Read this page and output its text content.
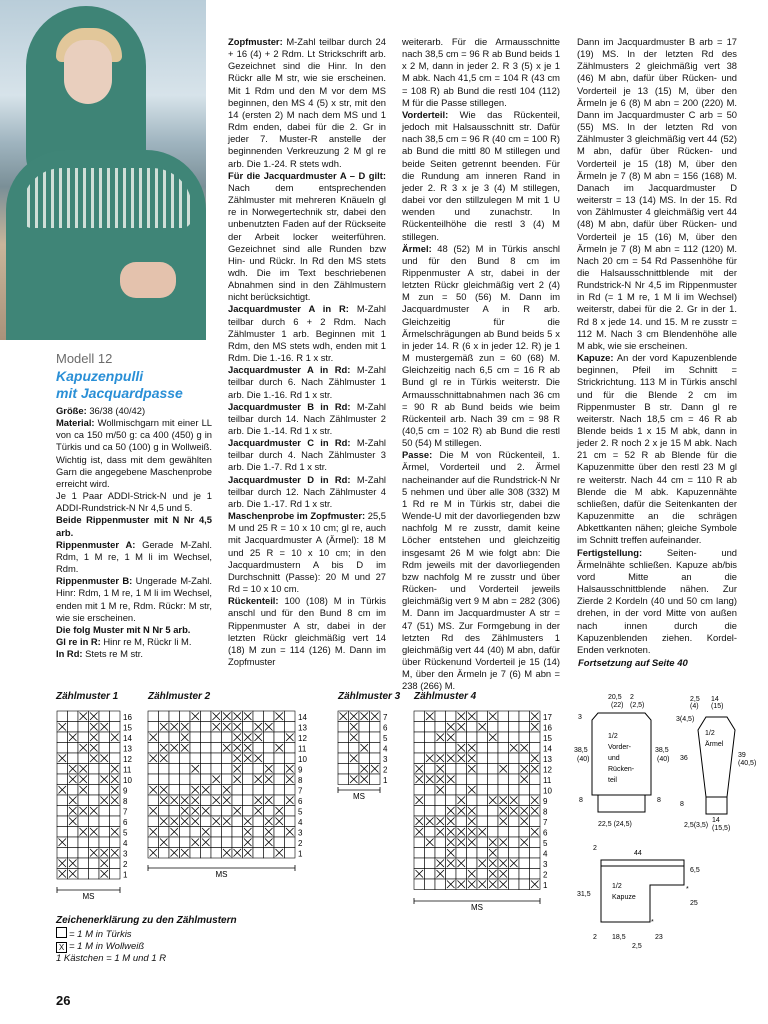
Modell 12
Kapuzenpulli
mit Jacquardpasse

Größe: 36/38 (40/42)

Material: Wollmischgarn mit einer LL von ca 150 m/50 g: ca 400 (450) g in Türkis und ca 50 (100) g in Wollweiß. Wichtig ist, dass mit dem gewählten Garn die angegebene Maschenprobe erreicht wird.

Je 1 Paar ADDI-Strick-N und je 1 ADDI-Rundstrick-N Nr 4,5 und 5.

Beide Rippenmuster mit N Nr 4,5 arb.

Rippenmuster A: Gerade M-Zahl. Rdm, 1 M re, 1 M li im Wechsel, Rdm.

Rippenmuster B: Ungerade M-Zahl. Hinr: Rdm, 1 M re, 1 M li im Wechsel, enden mit 1 M re, Rdm. Rückr: M str, wie sie erscheinen.

Die folg Muster mit N Nr 5 arb.

Gl re in R: Hinr re M, Rückr li M.

In Rd: Stets re M str.

Zopfmuster: M-Zahl teilbar durch 24 + 16 (4) + 2 Rdm. Lt Strickschrift arb. Gezeichnet sind die Hinr. In den Rückr alle M str, wie sie erscheinen. Mit 1 Rdm und den M vor dem MS beginnen, den MS 4 (5) x str, mit den 14 (ersten 2) M nach dem MS und 1 Rdm enden, dabei für die 2. Gr in jeder 7. Muster-R anstelle der beginnenden Verkreuzung 2 M gl re arb. Die 1.-24. R stets wdh.

Für die Jacquardmuster A – D gilt: Nach dem entsprechenden Zählmuster mit mehreren Knäueln gl re in Norwegertechnik str, dabei den unbenutzten Faden auf der Rückseite der Arbeit locker weiterführen. Gezeichnet sind alle Runden bzw Hin- und Rückr. In Rd den MS stets wdh. Die im Text beschriebenen Abnahmen sind in den Zählmustern nicht berücksichtigt.

Jacquardmuster A in R: M-Zahl teilbar durch 6 + 2 Rdm. Nach Zählmuster 1 arb. Beginnen mit 1 Rdm, den MS stets wdh, enden mit 1 Rdm. Die 1.-16. R 1 x str.

Jacquardmuster A in Rd: M-Zahl teilbar durch 6. Nach Zählmuster 1 arb. Die 1.-16. Rd 1 x str.

Jacquardmuster B in Rd: M-Zahl teilbar durch 14. Nach Zählmuster 2 arb. Die 1.-14. Rd 1 x str.

Jacquardmuster C in Rd: M-Zahl teilbar durch 4. Nach Zählmuster 3 arb. Die 1.-7. Rd 1 x str.

Jacquardmuster D in Rd: M-Zahl teilbar durch 12. Nach Zählmuster 4 arb. Die 1.-17. Rd 1 x str.

Maschenprobe im Zopfmuster: 25,5 M und 25 R = 10 x 10 cm; gl re, auch mit Jacquardmuster A (Ärmel): 18 M und 25 R = 10 x 10 cm; in den Jacquardmustern A bis D im Durchschnitt (Passe): 20 M und 27 Rd = 10 x 10 cm.

Rückenteil: 100 (108) M in Türkis anschl und für den Bund 8 cm im Rippenmuster A str, dabei in der letzten Rückr gleichmäßig vert 14 (18) M zun = 114 (126) M. Dann im Zopfmuster

weiterarb. Für die Armausschnitte nach 38,5 cm = 96 R ab Bund beids 1 x 2 M, dann in jeder 2. R 3 (5) x je 1 M abk. Nach 41,5 cm = 104 R (43 cm = 108 R) ab Bund die restl 104 (112) M für die Passe stillegen.

Vorderteil: Wie das Rückenteil, jedoch mit Halsausschnitt str. Dafür nach 38,5 cm = 96 R (40 cm = 100 R) ab Bund die mittl 80 M stillegen und beide Seiten getrennt beenden. Für die Rundung am inneren Rand in jeder 2. R 3 x je 3 (4) M stillegen, dabei vor den stillzulegen M mit 1 U wenden und zunachstr. In Rückenteilhöhe die restl 3 (4) M stillegen.

Ärmel: 48 (52) M in Türkis anschl und für den Bund 8 cm im Rippenmuster A str, dabei in der letzten Rückr gleichmäßig vert 2 (4) M zun = 50 (56) M. Dann im Jacquardmuster A in R arb. Gleichzeitig für die Ärmelschrägungen ab Bund beids 5 x in jeder 14. R (6 x in jeder 12. R) je 1 M mustergemäß zun = 60 (68) M. Gleichzeitig nach 6,5 cm = 16 R ab Bund gl re in Türkis weiterstr. Die Armausschnittabnahmen nach 36 cm = 90 R ab Bund beids wie beim Rückenteil arb. Nach 39 cm = 98 R (40,5 cm = 102 R) ab Bund die restl 50 (54) M stillegen.

Passe: Die M von Rückenteil, 1. Ärmel, Vorderteil und 2. Ärmel nacheinander auf die Rundstrick-N Nr 5 nehmen und über alle 308 (332) M 1 Rd re M in Türkis str, dabei die Wende-U mit der davorliegenden bzw nachfolg M re zusstr, damit keine Löcher entstehen und gleichzeitig insgesamt 26 M wie folgt abn: Die Rdm jeweils mit der davorliegenden bzw nachfolg M re zusstr und über Rücken- und Vorderteil jeweils gleichmäßig vert 9 M abn = 282 (306) M. Dann im Jacquardmuster A str = 47 (51) MS. Zur Formgebung in der letzten Rd des Zählmusters 1 gleichmäßig vert 44 (40) M abn, dafür über Rückenund Vorderteil je 15 (14) M, über den Ärmeln je 7 (6) M abn = 238 (266) M.

Dann im Jacquardmuster B arb = 17 (19) MS. In der letzten Rd des Zählmusters 2 gleichmäßig vert 38 (46) M abn, dafür über Rücken- und Vorderteil je 13 (15) M, über den Ärmeln je 6 (8) M abn = 200 (220) M. Dann im Jacquardmuster C arb = 50 (55) MS. In der letzten Rd von Zählmuster 3 gleichmäßig vert 44 (52) M abn, dafür über Rücken- und Vorderteil je 15 (18) M, über den Ärmeln je 7 (8) M abn = 156 (168) M. Danach im Jacquardmuster D weiterstr = 13 (14) MS. In der 15. Rd von Zählmuster 4 gleichmäßig vert 44 (48) M abn, dafür über Rücken- und Vorderteil je 15 (16) M, über den Ärmeln je 7 (8) M abn = 112 (120) M. Nach 20 cm = 54 Rd Passenhöhe für die Halsausschnittblende mit der Rundstrick-N Nr 4,5 im Rippenmuster in Rd (= 1 M re, 1 M li im Wechsel) weiterstr, dabei für die 2. Gr in der 1. Rd 8 x jede 14. und 15. M re zusstr = 112 M. Nach 3 cm Blendenhöhe alle M abk, wie sie erscheinen.

Kapuze: An der vord Kapuzenblende beginnen, Pfeil im Schnitt = Strickrichtung. 113 M in Türkis anschl und für die Blende 2 cm im Rippenmuster B str. Dann gl re weiterstr. Nach 18,5 cm = 46 R ab Blende beids 1 x 15 M abk, dann in jeder 2. R noch 2 x je 15 M abk. Nach 21 cm = 52 R ab Blende für die Kapuzenmitte über den restl 23 M gl re weiterstr. Nach 44 cm = 110 R ab Blende die M abk. Kapuzennähte schließen, dafür die Seitenkanten der Kapuzenmitte an die schrägen Abkettkanten nähen; gleiche Symbole im Schnitt treffen aufeinander.

Fertigstellung: Seiten- und Ärmelnähte schließen. Kapuze ab/bis vord Mitte an die Halsausschnittblende nähen. Zur Zierde 2 Kordeln (40 und 50 cm lang) drehen, in der vord Mitte von außen nach innen durch die Kapuzenblenden ziehen. Kordel-Enden verknoten.

Fortsetzung auf Seite 40
Zählmuster 1	Zählmuster 2	Zählmuster 3 Zählmuster 4
16
15
14
13
12
11
10
9
8
7
6
5
4
3
2
1
MS
14
13
12
11
10
9
8
7
6
5
4
3
2
1
MS
7
6
5
4
3
2
1
MS
17
16
15
14
13
12
11
10
9
8
7
6
5
4
3
2
1
MS
1/2
Vorder-
und
Rücken-
teil
1/2
Ärmel
1/2
Kapuze
20,5
(22)
2
(2,5)
3
38,5
(40)
38,5
(40)
8	8
22,5 (24,5)
2,5
(4)
14
(15)
3(4,5)
36	39
(40,5)
8
2,5(3,5)
14
(15,5)
2
44
6,5
31,5
25
2 18,5	23
2,5
*
*
Zeichenerklärung zu den Zählmustern
= 1 M in Türkis
X = 1 M in Wollweiß
1 Kästchen = 1 M und 1 R
26
